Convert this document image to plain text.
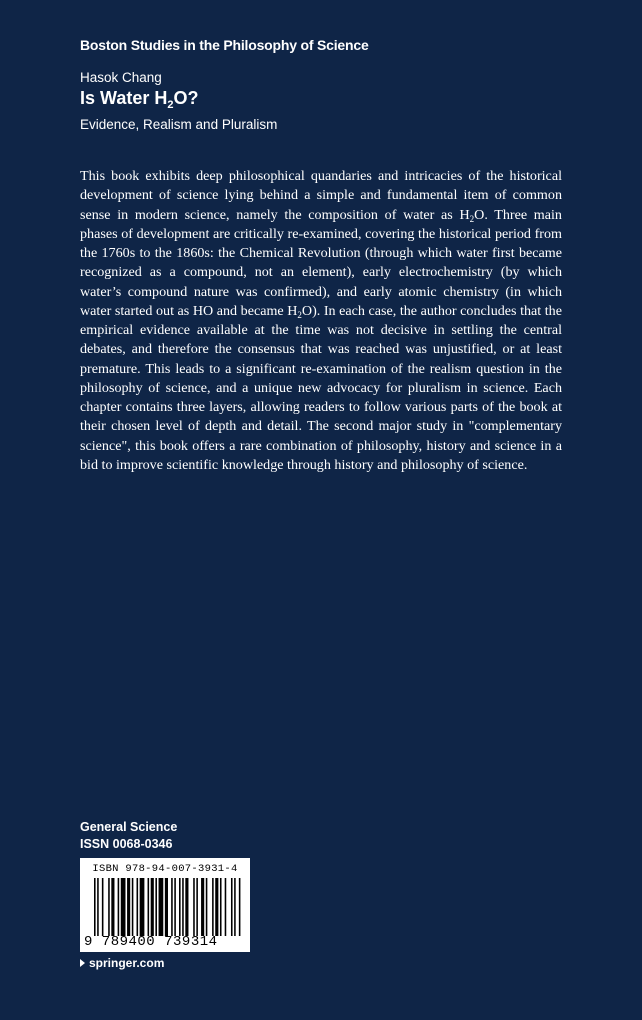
Boston Studies in the Philosophy of Science
Hasok Chang
Is Water $H_2O$?
Evidence, Realism and Pluralism

This book exhibits deep philosophical quandaries and intricacies of the historical development of science lying behind a simple and fundamental item of common sense in modern science, namely the composition of water as $H_2O$. Three main phases of development are critically re-examined, covering the historical period from the 1760s to the 1860s: the Chemical Revolution (through which water first became recognized as a compound, not an element), early electrochemistry (by which water’s compound nature was confirmed), and early atomic chemistry (in which water started out as HO and became $H_2O$). In each case, the author concludes that the empirical evidence available at the time was not decisive in settling the central debates, and therefore the consensus that was reached was unjustified, or at least premature. This leads to a significant re-examination of the realism question in the philosophy of science, and a unique new advocacy for pluralism in science. Each chapter contains three layers, allowing readers to follow various parts of the book at their chosen level of depth and detail. The second major study in "complementary science", this book offers a rare combination of philosophy, history and science in a bid to improve scientific knowledge through history and philosophy of science.

General Science
ISSN 0068-0346
ISBN 978-94-007-3931-4
9 789400 739314
springer.com
